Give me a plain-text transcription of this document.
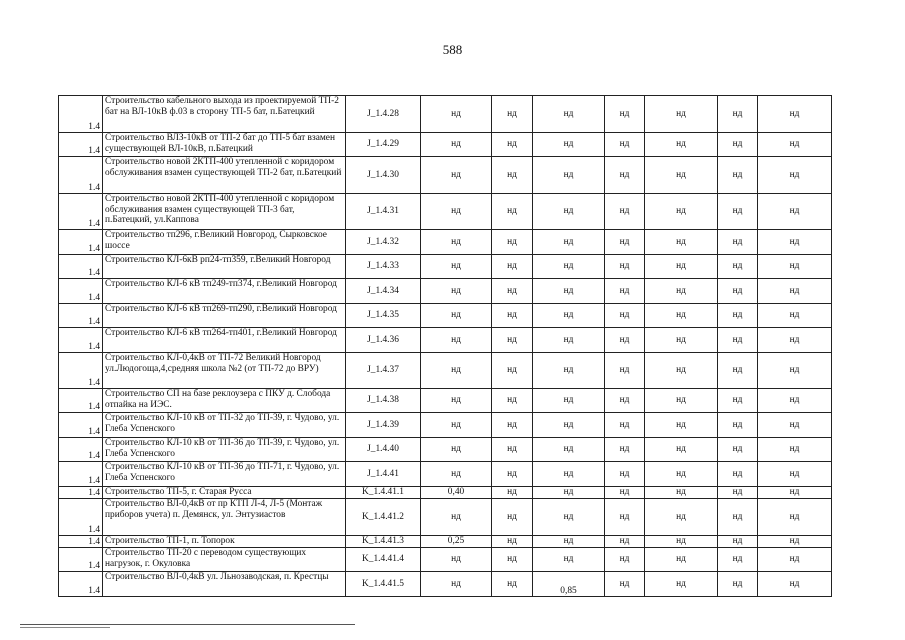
588
1.4	Строительство кабельного выхода из проектируемой ТП-2 бат на ВЛ-10кВ ф.03 в сторону ТП-5 бат, п.Батецкий	J_1.4.28	нд	нд	нд	нд	нд	нд	нд
1.4	Строительство ВЛЗ-10кВ от ТП-2 бат до ТП-5 бат взамен существующей ВЛ-10кВ, п.Батецкий	J_1.4.29	нд	нд	нд	нд	нд	нд	нд
1.4	Строительство новой 2КТП-400 утепленной с коридором обслуживания взамен существующей ТП-2 бат, п.Батецкий	J_1.4.30	нд	нд	нд	нд	нд	нд	нд
1.4	Строительство новой 2КТП-400 утепленной с коридором обслуживания взамен существующей ТП-3 бат, п.Батецкий, ул.Каппова	J_1.4.31	нд	нд	нд	нд	нд	нд	нд
1.4	Строительство тп296, г.Великий Новгород, Сырковское шоссе	J_1.4.32	нд	нд	нд	нд	нд	нд	нд
1.4	Строительство КЛ-6кВ рп24-тп359, г.Великий Новгород	J_1.4.33	нд	нд	нд	нд	нд	нд	нд
1.4	Строительство КЛ-6 кВ тп249-тп374, г.Великий Новгород	J_1.4.34	нд	нд	нд	нд	нд	нд	нд
1.4	Строительство КЛ-6 кВ тп269-тп290, г.Великий Новгород	J_1.4.35	нд	нд	нд	нд	нд	нд	нд
1.4	Строительство КЛ-6 кВ тп264-тп401, г.Великий Новгород	J_1.4.36	нд	нд	нд	нд	нд	нд	нд
1.4	Строительство КЛ-0,4кВ от ТП-72 Великий Новгород ул.Людогоща,4,средняя школа №2 (от ТП-72 до ВРУ)	J_1.4.37	нд	нд	нд	нд	нд	нд	нд
1.4	Строительство СП на базе реклоузера с ПКУ д. Слобода отпайка на ИЭС.	J_1.4.38	нд	нд	нд	нд	нд	нд	нд
1.4	Строительство КЛ-10 кВ от ТП-32 до ТП-39, г. Чудово, ул. Глеба Успенского	J_1.4.39	нд	нд	нд	нд	нд	нд	нд
1.4	Строительство КЛ-10 кВ от ТП-36 до ТП-39, г. Чудово, ул. Глеба Успенского	J_1.4.40	нд	нд	нд	нд	нд	нд	нд
1.4	Строительство КЛ-10 кВ от ТП-36 до ТП-71, г. Чудово, ул. Глеба Успенского	J_1.4.41	нд	нд	нд	нд	нд	нд	нд
1.4	Строительство ТП-5, г. Старая Русса	K_1.4.41.1	0,40	нд	нд	нд	нд	нд	нд
1.4	Строительство ВЛ-0,4кВ от пр КТП Л-4, Л-5 (Монтаж приборов учета) п. Демянск, ул. Энтузиастов	K_1.4.41.2	нд	нд	нд	нд	нд	нд	нд
1.4	Строительство ТП-1, п. Топорок	K_1.4.41.3	0,25	нд	нд	нд	нд	нд	нд
1.4	Строительство ТП-20 с переводом существующих нагрузок, г. Окуловка	K_1.4.41.4	нд	нд	нд	нд	нд	нд	нд
1.4	Строительство ВЛ-0,4кВ ул. Льнозаводская, п. Крестцы	K_1.4.41.5	нд	нд	0,85	нд	нд	нд	нд
